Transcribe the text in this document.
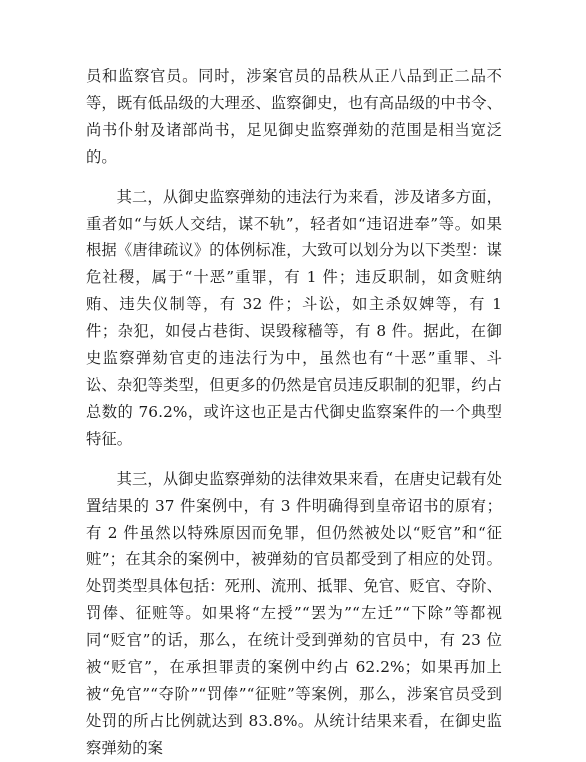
员和监察官员。同时，涉案官员的品秩从正八品到正二品不等，既有低品级的大理丞、监察御史，也有高品级的中书令、尚书仆射及诸部尚书，足见御史监察弹劾的范围是相当宽泛的。

其二，从御史监察弹劾的违法行为来看，涉及诸多方面，重者如“与妖人交结，谋不轨”，轻者如“违诏进奉”等。如果根据《唐律疏议》的体例标准，大致可以划分为以下类型：谋危社稷，属于“十恶”重罪，有 1 件；违反职制，如贪赃纳贿、违失仪制等，有 32 件；斗讼，如主杀奴婢等，有 1 件；杂犯，如侵占巷街、误毁稼穑等，有 8 件。据此，在御史监察弹劾官吏的违法行为中，虽然也有“十恶”重罪、斗讼、杂犯等类型，但更多的仍然是官员违反职制的犯罪，约占总数的 76.2%，或许这也正是古代御史监察案件的一个典型特征。

其三，从御史监察弹劾的法律效果来看，在唐史记载有处置结果的 37 件案例中，有 3 件明确得到皇帝诏书的原宥；有 2 件虽然以特殊原因而免罪，但仍然被处以“贬官”和“征赃”；在其余的案例中，被弹劾的官员都受到了相应的处罚。处罚类型具体包括：死刑、流刑、抵罪、免官、贬官、夺阶、罚俸、征赃等。如果将“左授”“罢为”“左迁”“下除”等都视同“贬官”的话，那么，在统计受到弹劾的官员中，有 23 位被“贬官”，在承担罪责的案例中约占 62.2%；如果再加上被“免官”“夺阶”“罚俸”“征赃”等案例，那么，涉案官员受到处罚的所占比例就达到 83.8%。从统计结果来看，在御史监察弹劾的案
